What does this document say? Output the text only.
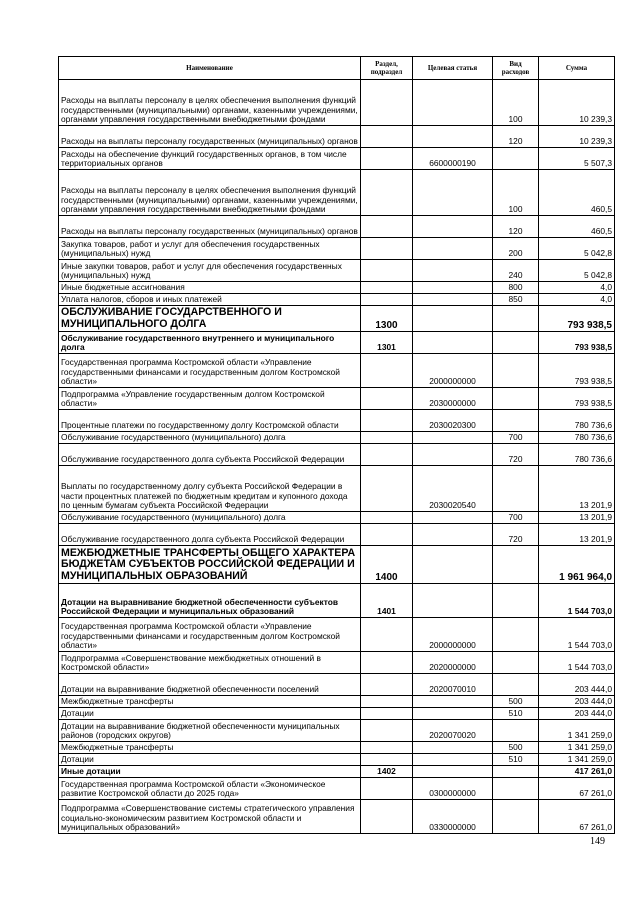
Наименование	Раздел, подраздел	Целевая статья	Вид расходов	Сумма
Расходы на выплаты персоналу в целях обеспечения выполнения функций государственными (муниципальными) органами, казенными учреждениями, органами управления государственными внебюджетными фондами			100	10 239,3
Расходы на выплаты персоналу государственных (муниципальных) органов			120	10 239,3
Расходы на обеспечение функций государственных органов, в том числе территориальных органов		6600000190		5 507,3
Расходы на выплаты персоналу в целях обеспечения выполнения функций государственными (муниципальными) органами, казенными учреждениями, органами управления государственными внебюджетными фондами			100	460,5
Расходы на выплаты персоналу государственных (муниципальных) органов			120	460,5
Закупка товаров, работ и услуг для обеспечения государственных (муниципальных) нужд			200	5 042,8
Иные закупки товаров, работ и услуг для обеспечения государственных (муниципальных) нужд			240	5 042,8
Иные бюджетные ассигнования			800	4,0
Уплата налогов, сборов и иных платежей			850	4,0
ОБСЛУЖИВАНИЕ ГОСУДАРСТВЕННОГО И МУНИЦИПАЛЬНОГО ДОЛГА	1300			793 938,5
Обслуживание государственного внутреннего и муниципального долга	1301			793 938,5
Государственная программа Костромской области «Управление государственными финансами и государственным долгом Костромской области»		2000000000		793 938,5
Подпрограмма «Управление государственным долгом Костромской области»		2030000000		793 938,5
Процентные платежи по государственному долгу Костромской области		2030020300		780 736,6
Обслуживание государственного (муниципального) долга			700	780 736,6
Обслуживание государственного долга субъекта Российской Федерации			720	780 736,6
Выплаты по государственному долгу субъекта Российской Федерации в части процентных платежей по бюджетным кредитам и купонного дохода по ценным бумагам субъекта Российской Федерации		2030020540		13 201,9
Обслуживание государственного (муниципального) долга			700	13 201,9
Обслуживание государственного долга субъекта Российской Федерации			720	13 201,9
МЕЖБЮДЖЕТНЫЕ ТРАНСФЕРТЫ ОБЩЕГО ХАРАКТЕРА БЮДЖЕТАМ СУБЪЕКТОВ РОССИЙСКОЙ ФЕДЕРАЦИИ И МУНИЦИПАЛЬНЫХ ОБРАЗОВАНИЙ	1400			1 961 964,0
Дотации на выравнивание бюджетной обеспеченности субъектов Российской Федерации и муниципальных образований	1401			1 544 703,0
Государственная программа Костромской области «Управление государственными финансами и государственным долгом Костромской области»		2000000000		1 544 703,0
Подпрограмма «Совершенствование межбюджетных отношений в Костромской области»		2020000000		1 544 703,0
Дотации на выравнивание бюджетной обеспеченности поселений		2020070010		203 444,0
Межбюджетные трансферты			500	203 444,0
Дотации			510	203 444,0
Дотации на выравнивание бюджетной обеспеченности муниципальных районов (городских округов)		2020070020		1 341 259,0
Межбюджетные трансферты			500	1 341 259,0
Дотации			510	1 341 259,0
Иные дотации	1402			417 261,0
Государственная программа Костромской области «Экономическое развитие Костромской области до 2025 года»		0300000000		67 261,0
Подпрограмма «Совершенствование системы стратегического управления социально-экономическим развитием Костромской области и муниципальных образований»		0330000000		67 261,0
149
